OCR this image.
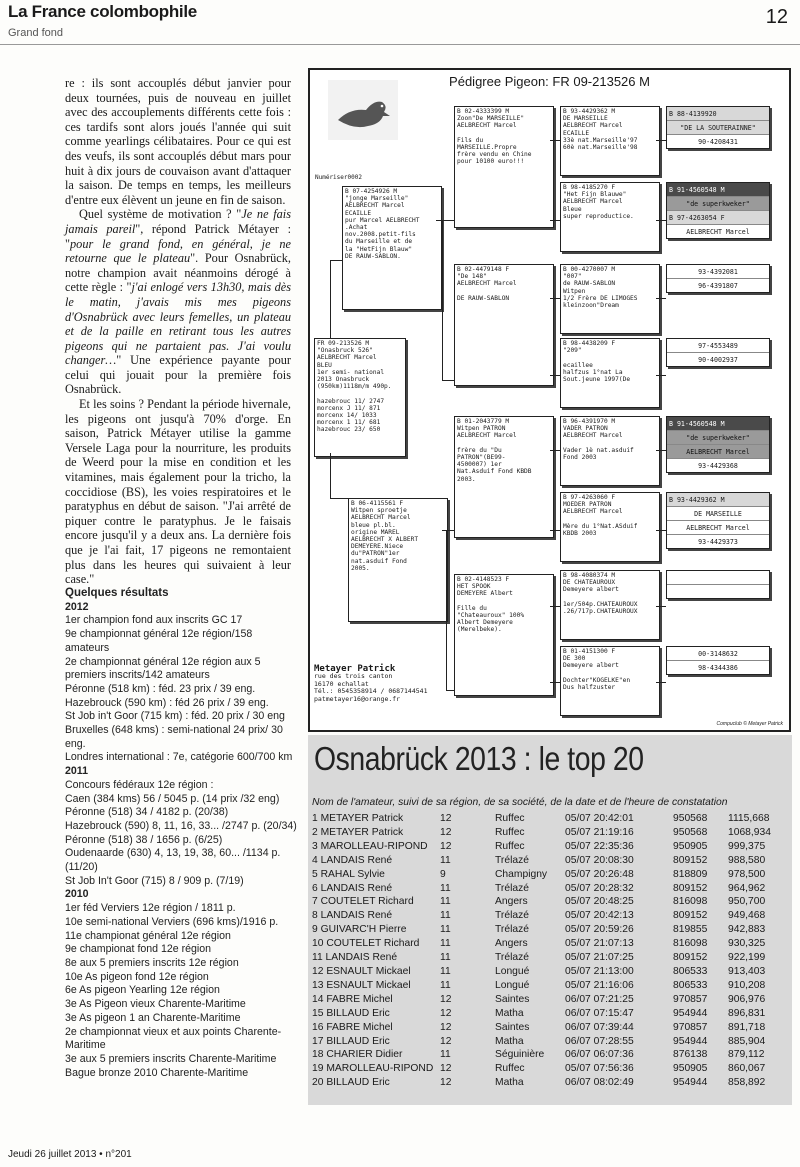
La France colombophile
Grand fond
12

re : ils sont accouplés début janvier pour deux tournées, puis de nouveau en juillet avec des accouplements différents cette fois : ces tardifs sont alors joués l'année qui suit comme yearlings célibataires. Pour ce qui est des veufs, ils sont accouplés début mars pour huit à dix jours de couvaison avant d'attaquer la saison. De temps en temps, les meilleurs d'entre eux élèvent un jeune en fin de saison.

Quel système de motivation ? "Je ne fais jamais pareil", répond Patrick Métayer : "pour le grand fond, en général, je ne retourne que le plateau". Pour Osnabrück, notre champion avait néanmoins dérogé à cette règle : "j'ai enlogé vers 13h30, mais dès le matin, j'avais mis mes pigeons d'Osnabrück avec leurs femelles, un plateau et de la paille en retirant tous les autres pigeons qui ne partaient pas. J'ai voulu changer…" Une expérience payante pour celui qui jouait pour la première fois Osnabrück.

Et les soins ? Pendant la période hivernale, les pigeons ont jusqu'à 70% d'orge. En saison, Patrick Métayer utilise la gamme Versele Laga pour la nourriture, les produits de Weerd pour la mise en condition et les vitamines, mais également pour la tricho, la coccidiose (BS), les voies respiratoires et le paratyphus en début de saison. "J'ai arrêté de piquer contre le paratyphus. Je le faisais encore jusqu'il y a deux ans. La dernière fois que je l'ai fait, 17 pigeons ne remontaient plus dans les heures qui suivaient à leur case."

Quelques résultats
2012
1er champion fond aux inscrits GC 17
9e championnat général 12e région/158 amateurs
2e championnat général 12e région aux 5 premiers inscrits/142 amateurs
Péronne (518 km) : féd. 23 prix / 39 eng.
Hazebrouck (590 km) : féd 26 prix / 39 eng.
St Job in't Goor (715 km) : féd. 20 prix / 30 eng
Bruxelles (648 kms) : semi-national 24 prix/ 30 eng.
Londres international : 7e, catégorie 600/700 km
2011
Concours fédéraux 12e région :
Caen (384 kms) 56 / 5045 p. (14 prix /32 eng)
Péronne (518) 34 / 4182 p. (20/38)
Hazebrouck (590) 8, 11, 16, 33... /2747 p. (20/34)
Péronne (518) 38 / 1656 p. (6/25)
Oudenaarde (630) 4, 13, 19, 38, 60... /1134 p. (11/20)
St Job In't Goor (715) 8 / 909 p. (7/19)
2010
1er féd Verviers 12e région / 1811 p.
10e semi-national Verviers (696 kms)/1916 p.
11e championat général 12e région
9e championat fond 12e région
8e aux 5 premiers inscrits 12e région
10e As pigeon fond 12e région
6e As pigeon Yearling 12e région
3e As Pigeon vieux Charente-Maritime
3e As pigeon 1 an Charente-Maritime
2e championnat vieux et aux points Charente-Maritime
3e aux 5 premiers inscrits Charente-Maritime
Bague bronze 2010 Charente-Maritime
Jeudi 26 juillet 2013 • n°201
Pédigree Pigeon: FR 09-213526 M
Numériser0002
Metayer Patrick
rue des trois canton
16170 echallat
Tél.: 0545358914 / 0687144541
patmetayer16@orange.fr
Compuclub © Metayer Patrick
FR 09-213526 M
"Onasbruck 526"
AELBRECHT Marcel
BLEU
1er semi- national
2013 Onasbruck
(950km)1118m/m 490p.

hazebrouc 11/ 2747
morcenx J 11/ 871
morcenx 14/ 1033
morcenx 1 11/ 681
hazebrouc 23/ 650
B 07-4254926 M
"jonge Marseille"
AELBRECHT Marcel
ECAILLE
pur Marcel AELBRECHT
.Achat
nov.2008.petit-fils
du Marseille et de
la "HetFijn Blauw"
DE RAUW-SABLON.
B 06-4115561 F
Witpen sproetje
AELBRECHT Marcel
bleue pl.bl.
origine MAREL
AELBRECHT X ALBERT
DEMEYERE.Niece
du"PATRON"1er
nat.asduif Fond
2005.
B 02-4333399 M
Zoon"De MARSEILLE"
AELBRECHT Marcel

Fils du
MARSEILLE.Propre
frère vendu en Chine
pour 10100 euro!!!
B 02-4479148 F
"De 148"
AELBRECHT Marcel

DE RAUW-SABLON
B 01-2043779 M
Witpen PATRON
AELBRECHT Marcel

frère du "Du
PATRON"(BE99-
4500007) 1er
Nat.Asduif Fond KBDB
2003.
B 02-4148523 F
HET SPOOK
DEMEYERE Albert

Fille du
"Chateauroux" 100%
Albert Demeyere
(Merelbeke).
B 93-4429362 M
DE MARSEILLE
AELBRECHT Marcel
ECAILLE
33è nat.Marseille'97
60è nat.Marseille'98
B 98-4185270 F
"Het Fijn Blauwe"
AELBRECHT Marcel
Bleue
super reproductice.
B 00-4270007 M
"007"
de RAUW-SABLON
Witpen
1/2 Frère DE LIMOGES
kleinzoon"Dream
B 98-4438209 F
"209"

ecaillee
halfzus 1°nat La
Sout.jeune 1997(De
B 96-4391970 M
VADER PATRON
AELBRECHT Marcel

Vader 1è nat.asduif
Fond 2003
B 97-4263060 F
MOEDER PATRON
AELBRECHT Marcel

Mère du 1°Nat.ASduif
KBDB 2003
B 98-4080374 M
DE CHATEAUROUX
Demeyere albert

1er/504p.CHATEAUROUX
.26/717p.CHATEAUROUX
B 01-4151300 F
DE 300
Demeyere albert

Dochter"KOGELKE"en
Dus halfzuster
B 88-4139920
"DE LA SOUTERAINNE"
90-4208431
B 91-4560548 M
"de superkweker"
B 97-4263054 F
AELBRECHT Marcel
93-4392081
96-4391807
97-4553489
90-4002937
B 91-4560548 M
"de superkweker"
AELBRECHT Marcel
93-4429368
B 93-4429362 M
DE MARSEILLE
AELBRECHT Marcel
93-4429373
00-3148632
98-4344386
Osnabrück 2013 : le top 20
Nom de l'amateur, suivi de sa région, de sa société, de la date et de l'heure de constatation
1 METAYER Patrick	12	Ruffec	05/07 20:42:01	950568	1115,668
2 METAYER Patrick	12	Ruffec	05/07 21:19:16	950568	1068,934
3 MAROLLEAU-RIPOND	12	Ruffec	05/07 22:35:36	950905	999,375
4 LANDAIS René	11	Trélazé	05/07 20:08:30	809152	988,580
5 RAHAL Sylvie	9	Champigny	05/07 20:26:48	818809	978,500
6 LANDAIS René	11	Trélazé	05/07 20:28:32	809152	964,962
7 COUTELET Richard	11	Angers	05/07 20:48:25	816098	950,700
8 LANDAIS René	11	Trélazé	05/07 20:42:13	809152	949,468
9 GUIVARC'H Pierre	11	Trélazé	05/07 20:59:26	819855	942,883
10 COUTELET Richard	11	Angers	05/07 21:07:13	816098	930,325
11 LANDAIS René	11	Trélazé	05/07 21:07:25	809152	922,199
12 ESNAULT Mickael	11	Longué	05/07 21:13:00	806533	913,403
13 ESNAULT Mickael	11	Longué	05/07 21:16:06	806533	910,208
14 FABRE Michel	12	Saintes	06/07 07:21:25	970857	906,976
15 BILLAUD Eric	12	Matha	06/07 07:15:47	954944	896,831
16 FABRE Michel	12	Saintes	06/07 07:39:44	970857	891,718
17 BILLAUD Eric	12	Matha	06/07 07:28:55	954944	885,904
18 CHARIER Didier	11	Séguinière	06/07 06:07:36	876138	879,112
19 MAROLLEAU-RIPOND	12	Ruffec	05/07 07:56:36	950905	860,067
20 BILLAUD Eric	12	Matha	06/07 08:02:49	954944	858,892
